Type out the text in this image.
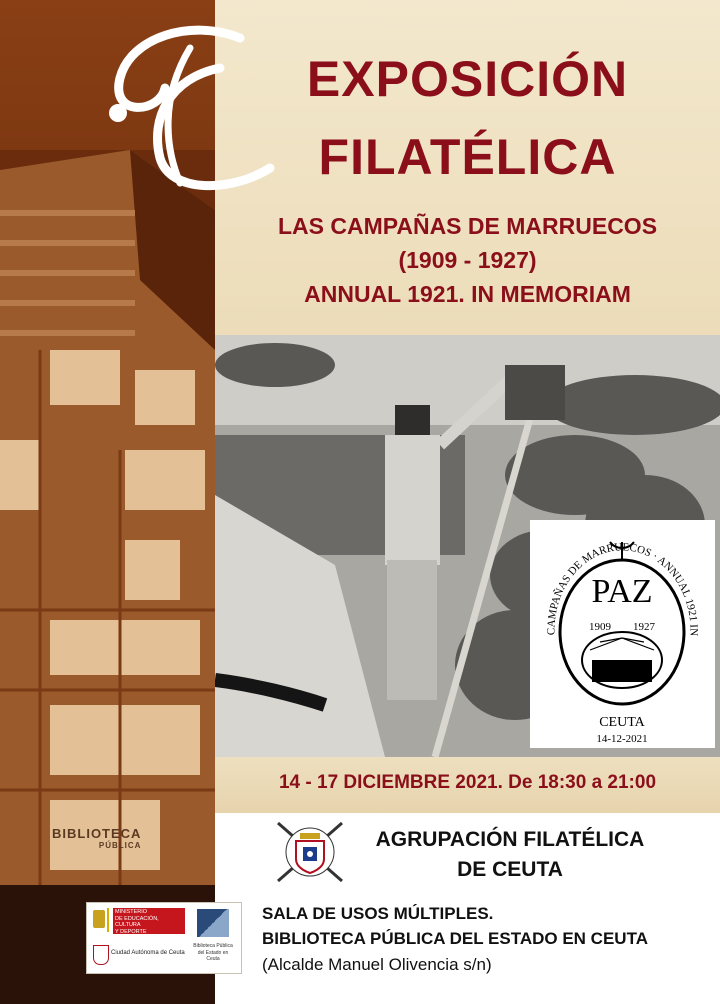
BIBLIOTECA
PÚBLICA
EXPOSICIÓN
FILATÉLICA
LAS CAMPAÑAS DE MARRUECOS
(1909 - 1927)
ANNUAL 1921. IN MEMORIAM
CAMPAÑAS DE MARRUECOS · ANNUAL 1921 IN
PAZ
1909 1927
CEUTA
14-12-2021
14 - 17 DICIEMBRE 2021. De 18:30 a 21:00
AGRUPACIÓN FILATÉLICA
DE CEUTA
MINISTERIO
DE EDUCACIÓN, CULTURA
Y DEPORTE
Ciudad Autónoma de Ceuta
Biblioteca Pública
del Estado en Ceuta
SALA DE USOS MÚLTIPLES.
BIBLIOTECA PÚBLICA DEL ESTADO EN CEUTA
(Alcalde Manuel Olivencia s/n)
